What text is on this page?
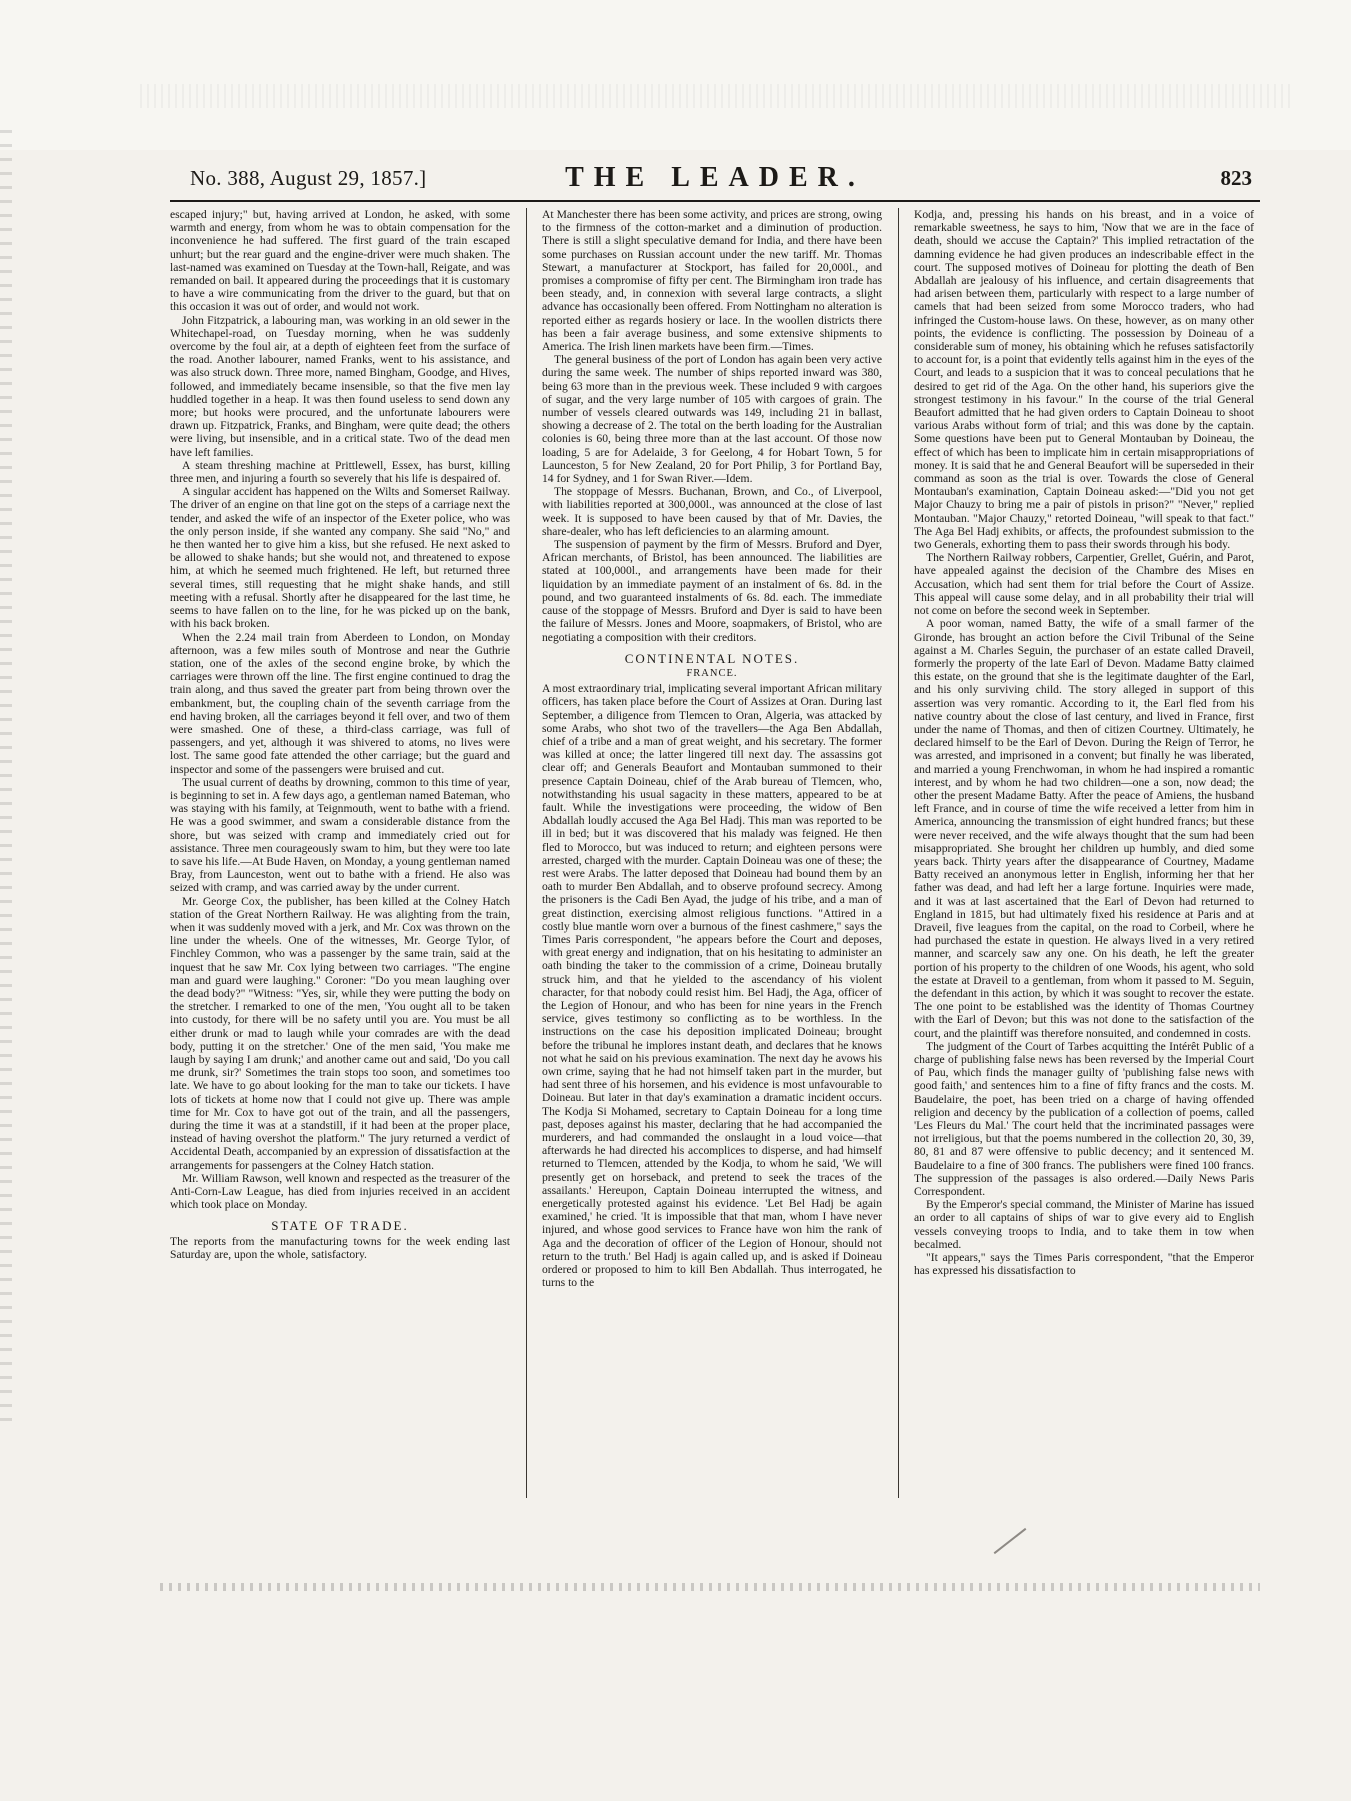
No. 388, August 29, 1857.]	THE LEADER.	823

escaped injury;" but, having arrived at London, he asked, with some warmth and energy, from whom he was to obtain compensation for the inconvenience he had suffered. The first guard of the train escaped unhurt; but the rear guard and the engine-driver were much shaken. The last-named was examined on Tuesday at the Town-hall, Reigate, and was remanded on bail. It appeared during the proceedings that it is customary to have a wire communicating from the driver to the guard, but that on this occasion it was out of order, and would not work.

John Fitzpatrick, a labouring man, was working in an old sewer in the Whitechapel-road, on Tuesday morning, when he was suddenly overcome by the foul air, at a depth of eighteen feet from the surface of the road. Another labourer, named Franks, went to his assistance, and was also struck down. Three more, named Bingham, Goodge, and Hives, followed, and immediately became insensible, so that the five men lay huddled together in a heap. It was then found useless to send down any more; but hooks were procured, and the unfortunate labourers were drawn up. Fitzpatrick, Franks, and Bingham, were quite dead; the others were living, but insensible, and in a critical state. Two of the dead men have left families.

A steam threshing machine at Prittlewell, Essex, has burst, killing three men, and injuring a fourth so severely that his life is despaired of.

A singular accident has happened on the Wilts and Somerset Railway. The driver of an engine on that line got on the steps of a carriage next the tender, and asked the wife of an inspector of the Exeter police, who was the only person inside, if she wanted any company. She said "No," and he then wanted her to give him a kiss, but she refused. He next asked to be allowed to shake hands; but she would not, and threatened to expose him, at which he seemed much frightened. He left, but returned three several times, still requesting that he might shake hands, and still meeting with a refusal. Shortly after he disappeared for the last time, he seems to have fallen on to the line, for he was picked up on the bank, with his back broken.

When the 2.24 mail train from Aberdeen to London, on Monday afternoon, was a few miles south of Montrose and near the Guthrie station, one of the axles of the second engine broke, by which the carriages were thrown off the line. The first engine continued to drag the train along, and thus saved the greater part from being thrown over the embankment, but, the coupling chain of the seventh carriage from the end having broken, all the carriages beyond it fell over, and two of them were smashed. One of these, a third-class carriage, was full of passengers, and yet, although it was shivered to atoms, no lives were lost. The same good fate attended the other carriage; but the guard and inspector and some of the passengers were bruised and cut.

The usual current of deaths by drowning, common to this time of year, is beginning to set in. A few days ago, a gentleman named Bateman, who was staying with his family, at Teignmouth, went to bathe with a friend. He was a good swimmer, and swam a considerable distance from the shore, but was seized with cramp and immediately cried out for assistance. Three men courageously swam to him, but they were too late to save his life.—At Bude Haven, on Monday, a young gentleman named Bray, from Launceston, went out to bathe with a friend. He also was seized with cramp, and was carried away by the under current.

Mr. George Cox, the publisher, has been killed at the Colney Hatch station of the Great Northern Railway. He was alighting from the train, when it was suddenly moved with a jerk, and Mr. Cox was thrown on the line under the wheels. One of the witnesses, Mr. George Tylor, of Finchley Common, who was a passenger by the same train, said at the inquest that he saw Mr. Cox lying between two carriages. "The engine man and guard were laughing." Coroner: "Do you mean laughing over the dead body?" "Witness: "Yes, sir, while they were putting the body on the stretcher. I remarked to one of the men, 'You ought all to be taken into custody, for there will be no safety until you are. You must be all either drunk or mad to laugh while your comrades are with the dead body, putting it on the stretcher.' One of the men said, 'You make me laugh by saying I am drunk;' and another came out and said, 'Do you call me drunk, sir?' Sometimes the train stops too soon, and sometimes too late. We have to go about looking for the man to take our tickets. I have lots of tickets at home now that I could not give up. There was ample time for Mr. Cox to have got out of the train, and all the passengers, during the time it was at a standstill, if it had been at the proper place, instead of having overshot the platform." The jury returned a verdict of Accidental Death, accompanied by an expression of dissatisfaction at the arrangements for passengers at the Colney Hatch station.

Mr. William Rawson, well known and respected as the treasurer of the Anti-Corn-Law League, has died from injuries received in an accident which took place on Monday.

STATE OF TRADE.

The reports from the manufacturing towns for the week ending last Saturday are, upon the whole, satisfactory.

At Manchester there has been some activity, and prices are strong, owing to the firmness of the cotton-market and a diminution of production. There is still a slight speculative demand for India, and there have been some purchases on Russian account under the new tariff. Mr. Thomas Stewart, a manufacturer at Stockport, has failed for 20,000l., and promises a compromise of fifty per cent. The Birmingham iron trade has been steady, and, in connexion with several large contracts, a slight advance has occasionally been offered. From Nottingham no alteration is reported either as regards hosiery or lace. In the woollen districts there has been a fair average business, and some extensive shipments to America. The Irish linen markets have been firm.—Times.

The general business of the port of London has again been very active during the same week. The number of ships reported inward was 380, being 63 more than in the previous week. These included 9 with cargoes of sugar, and the very large number of 105 with cargoes of grain. The number of vessels cleared outwards was 149, including 21 in ballast, showing a decrease of 2. The total on the berth loading for the Australian colonies is 60, being three more than at the last account. Of those now loading, 5 are for Adelaide, 3 for Geelong, 4 for Hobart Town, 5 for Launceston, 5 for New Zealand, 20 for Port Philip, 3 for Portland Bay, 14 for Sydney, and 1 for Swan River.—Idem.

The stoppage of Messrs. Buchanan, Brown, and Co., of Liverpool, with liabilities reported at 300,000l., was announced at the close of last week. It is supposed to have been caused by that of Mr. Davies, the share-dealer, who has left deficiencies to an alarming amount.

The suspension of payment by the firm of Messrs. Bruford and Dyer, African merchants, of Bristol, has been announced. The liabilities are stated at 100,000l., and arrangements have been made for their liquidation by an immediate payment of an instalment of 6s. 8d. in the pound, and two guaranteed instalments of 6s. 8d. each. The immediate cause of the stoppage of Messrs. Bruford and Dyer is said to have been the failure of Messrs. Jones and Moore, soapmakers, of Bristol, who are negotiating a composition with their creditors.

CONTINENTAL NOTES.
FRANCE.

A most extraordinary trial, implicating several important African military officers, has taken place before the Court of Assizes at Oran. During last September, a diligence from Tlemcen to Oran, Algeria, was attacked by some Arabs, who shot two of the travellers—the Aga Ben Abdallah, chief of a tribe and a man of great weight, and his secretary. The former was killed at once; the latter lingered till next day. The assassins got clear off; and Generals Beaufort and Montauban summoned to their presence Captain Doineau, chief of the Arab bureau of Tlemcen, who, notwithstanding his usual sagacity in these matters, appeared to be at fault. While the investigations were proceeding, the widow of Ben Abdallah loudly accused the Aga Bel Hadj. This man was reported to be ill in bed; but it was discovered that his malady was feigned. He then fled to Morocco, but was induced to return; and eighteen persons were arrested, charged with the murder. Captain Doineau was one of these; the rest were Arabs. The latter deposed that Doineau had bound them by an oath to murder Ben Abdallah, and to observe profound secrecy. Among the prisoners is the Cadi Ben Ayad, the judge of his tribe, and a man of great distinction, exercising almost religious functions. "Attired in a costly blue mantle worn over a burnous of the finest cashmere," says the Times Paris correspondent, "he appears before the Court and deposes, with great energy and indignation, that on his hesitating to administer an oath binding the taker to the commission of a crime, Doineau brutally struck him, and that he yielded to the ascendancy of his violent character, for that nobody could resist him. Bel Hadj, the Aga, officer of the Legion of Honour, and who has been for nine years in the French service, gives testimony so conflicting as to be worthless. In the instructions on the case his deposition implicated Doineau; brought before the tribunal he implores instant death, and declares that he knows not what he said on his previous examination. The next day he avows his own crime, saying that he had not himself taken part in the murder, but had sent three of his horsemen, and his evidence is most unfavourable to Doineau. But later in that day's examination a dramatic incident occurs. The Kodja Si Mohamed, secretary to Captain Doineau for a long time past, deposes against his master, declaring that he had accompanied the murderers, and had commanded the onslaught in a loud voice—that afterwards he had directed his accomplices to disperse, and had himself returned to Tlemcen, attended by the Kodja, to whom he said, 'We will presently get on horseback, and pretend to seek the traces of the assailants.' Hereupon, Captain Doineau interrupted the witness, and energetically protested against his evidence. 'Let Bel Hadj be again examined,' he cried. 'It is impossible that that man, whom I have never injured, and whose good services to France have won him the rank of Aga and the decoration of officer of the Legion of Honour, should not return to the truth.' Bel Hadj is again called up, and is asked if Doineau ordered or proposed to him to kill Ben Abdallah. Thus interrogated, he turns to the

Kodja, and, pressing his hands on his breast, and in a voice of remarkable sweetness, he says to him, 'Now that we are in the face of death, should we accuse the Captain?' This implied retractation of the damning evidence he had given produces an indescribable effect in the court. The supposed motives of Doineau for plotting the death of Ben Abdallah are jealousy of his influence, and certain disagreements that had arisen between them, particularly with respect to a large number of camels that had been seized from some Morocco traders, who had infringed the Custom-house laws. On these, however, as on many other points, the evidence is conflicting. The possession by Doineau of a considerable sum of money, his obtaining which he refuses satisfactorily to account for, is a point that evidently tells against him in the eyes of the Court, and leads to a suspicion that it was to conceal peculations that he desired to get rid of the Aga. On the other hand, his superiors give the strongest testimony in his favour." In the course of the trial General Beaufort admitted that he had given orders to Captain Doineau to shoot various Arabs without form of trial; and this was done by the captain. Some questions have been put to General Montauban by Doineau, the effect of which has been to implicate him in certain misappropriations of money. It is said that he and General Beaufort will be superseded in their command as soon as the trial is over. Towards the close of General Montauban's examination, Captain Doineau asked:—"Did you not get Major Chauzy to bring me a pair of pistols in prison?" "Never," replied Montauban. "Major Chauzy," retorted Doineau, "will speak to that fact." The Aga Bel Hadj exhibits, or affects, the profoundest submission to the two Generals, exhorting them to pass their swords through his body.

The Northern Railway robbers, Carpentier, Grellet, Guérin, and Parot, have appealed against the decision of the Chambre des Mises en Accusation, which had sent them for trial before the Court of Assize. This appeal will cause some delay, and in all probability their trial will not come on before the second week in September.

A poor woman, named Batty, the wife of a small farmer of the Gironde, has brought an action before the Civil Tribunal of the Seine against a M. Charles Seguin, the purchaser of an estate called Draveil, formerly the property of the late Earl of Devon. Madame Batty claimed this estate, on the ground that she is the legitimate daughter of the Earl, and his only surviving child. The story alleged in support of this assertion was very romantic. According to it, the Earl fled from his native country about the close of last century, and lived in France, first under the name of Thomas, and then of citizen Courtney. Ultimately, he declared himself to be the Earl of Devon. During the Reign of Terror, he was arrested, and imprisoned in a convent; but finally he was liberated, and married a young Frenchwoman, in whom he had inspired a romantic interest, and by whom he had two children—one a son, now dead; the other the present Madame Batty. After the peace of Amiens, the husband left France, and in course of time the wife received a letter from him in America, announcing the transmission of eight hundred francs; but these were never received, and the wife always thought that the sum had been misappropriated. She brought her children up humbly, and died some years back. Thirty years after the disappearance of Courtney, Madame Batty received an anonymous letter in English, informing her that her father was dead, and had left her a large fortune. Inquiries were made, and it was at last ascertained that the Earl of Devon had returned to England in 1815, but had ultimately fixed his residence at Paris and at Draveil, five leagues from the capital, on the road to Corbeil, where he had purchased the estate in question. He always lived in a very retired manner, and scarcely saw any one. On his death, he left the greater portion of his property to the children of one Woods, his agent, who sold the estate at Draveil to a gentleman, from whom it passed to M. Seguin, the defendant in this action, by which it was sought to recover the estate. The one point to be established was the identity of Thomas Courtney with the Earl of Devon; but this was not done to the satisfaction of the court, and the plaintiff was therefore nonsuited, and condemned in costs.

The judgment of the Court of Tarbes acquitting the Intérêt Public of a charge of publishing false news has been reversed by the Imperial Court of Pau, which finds the manager guilty of 'publishing false news with good faith,' and sentences him to a fine of fifty francs and the costs. M. Baudelaire, the poet, has been tried on a charge of having offended religion and decency by the publication of a collection of poems, called 'Les Fleurs du Mal.' The court held that the incriminated passages were not irreligious, but that the poems numbered in the collection 20, 30, 39, 80, 81 and 87 were offensive to public decency; and it sentenced M. Baudelaire to a fine of 300 francs. The publishers were fined 100 francs. The suppression of the passages is also ordered.—Daily News Paris Correspondent.

By the Emperor's special command, the Minister of Marine has issued an order to all captains of ships of war to give every aid to English vessels conveying troops to India, and to take them in tow when becalmed.

"It appears," says the Times Paris correspondent, "that the Emperor has expressed his dissatisfaction to
